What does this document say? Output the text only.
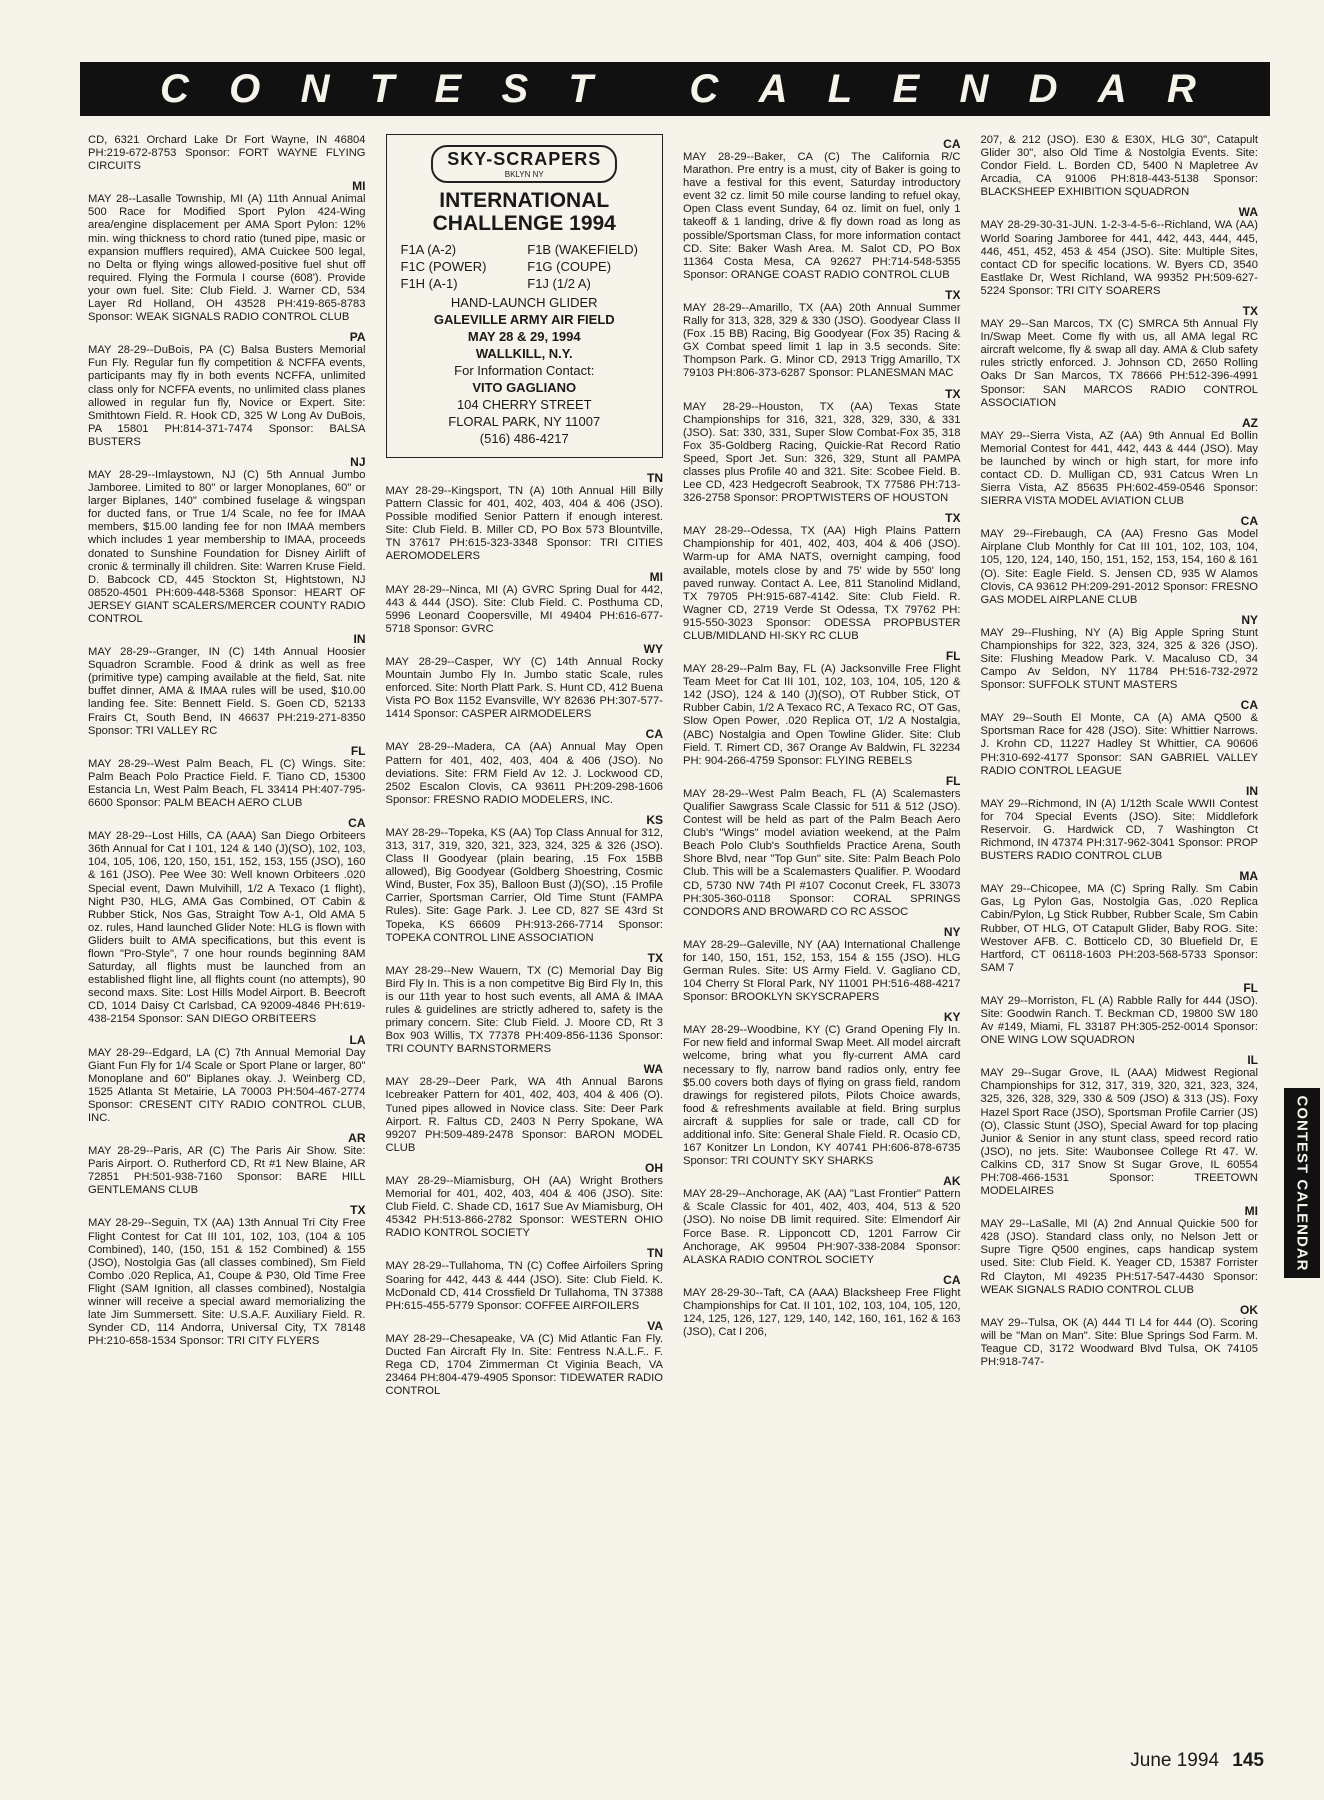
C O N T E S T C A L E N D A R
CD, 6321 Orchard Lake Dr Fort Wayne, IN 46804 PH:219-672-8753 Sponsor: FORT WAYNE FLYING CIRCUITS
MI
MAY 28--Lasalle Township, MI (A) 11th Annual Animal 500 Race for Modified Sport Pylon 424-Wing area/engine displacement per AMA Sport Pylon: 12% min. wing thickness to chord ratio (tuned pipe, masic or expansion mufflers required), AMA Cuickee 500 legal, no Delta or flying wings allowed-positive fuel shut off required. Flying the Formula I course (608'). Provide your own fuel. Site: Club Field. J. Warner CD, 534 Layer Rd Holland, OH 43528 PH:419-865-8783 Sponsor: WEAK SIGNALS RADIO CONTROL CLUB
PA
MAY 28-29--DuBois, PA (C) Balsa Busters Memorial Fun Fly. Regular fun fly competition & NCFFA events, participants may fly in both events NCFFA, unlimited class only for NCFFA events, no unlimited class planes allowed in regular fun fly, Novice or Expert. Site: Smithtown Field. R. Hook CD, 325 W Long Av DuBois, PA 15801 PH:814-371-7474 Sponsor: BALSA BUSTERS
NJ
MAY 28-29--Imlaystown, NJ (C) 5th Annual Jumbo Jamboree. Limited to 80" or larger Monoplanes, 60" or larger Biplanes, 140" combined fuselage & wingspan for ducted fans, or True 1/4 Scale, no fee for IMAA members, $15.00 landing fee for non IMAA members which includes 1 year membership to IMAA, proceeds donated to Sunshine Foundation for Disney Airlift of cronic & terminally ill children. Site: Warren Kruse Field. D. Babcock CD, 445 Stockton St, Hightstown, NJ 08520-4501 PH:609-448-5368 Sponsor: HEART OF JERSEY GIANT SCALERS/MERCER COUNTY RADIO CONTROL
IN
MAY 28-29--Granger, IN (C) 14th Annual Hoosier Squadron Scramble. Food & drink as well as free (primitive type) camping available at the field, Sat. nite buffet dinner, AMA & IMAA rules will be used, $10.00 landing fee. Site: Bennett Field. S. Goen CD, 52133 Frairs Ct, South Bend, IN 46637 PH:219-271-8350 Sponsor: TRI VALLEY RC
FL
MAY 28-29--West Palm Beach, FL (C) Wings. Site: Palm Beach Polo Practice Field. F. Tiano CD, 15300 Estancia Ln, West Palm Beach, FL 33414 PH:407-795-6600 Sponsor: PALM BEACH AERO CLUB
CA
MAY 28-29--Lost Hills, CA (AAA) San Diego Orbiteers 36th Annual for Cat I 101, 124 & 140 (J)(SO), 102, 103, 104, 105, 106, 120, 150, 151, 152, 153, 155 (JSO), 160 & 161 (JSO). Pee Wee 30: Well known Orbiteers .020 Special event, Dawn Mulvihill, 1/2 A Texaco (1 flight), Night P30, HLG, AMA Gas Combined, OT Cabin & Rubber Stick, Nos Gas, Straight Tow A-1, Old AMA 5 oz. rules, Hand launched Glider Note: HLG is flown with Gliders built to AMA specifications, but this event is flown "Pro-Style", 7 one hour rounds beginning 8AM Saturday, all flights must be launched from an established flight line, all flights count (no attempts), 90 second maxs. Site: Lost Hills Model Airport. B. Beecroft CD, 1014 Daisy Ct Carlsbad, CA 92009-4846 PH:619-438-2154 Sponsor: SAN DIEGO ORBITEERS
LA
MAY 28-29--Edgard, LA (C) 7th Annual Memorial Day Giant Fun Fly for 1/4 Scale or Sport Plane or larger, 80" Monoplane and 60" Biplanes okay. J. Weinberg CD, 1525 Atlanta St Metairie, LA 70003 PH:504-467-2774 Sponsor: CRESENT CITY RADIO CONTROL CLUB, INC.
AR
MAY 28-29--Paris, AR (C) The Paris Air Show. Site: Paris Airport. O. Rutherford CD, Rt #1 New Blaine, AR 72851 PH:501-938-7160 Sponsor: BARE HILL GENTLEMANS CLUB
TX
MAY 28-29--Seguin, TX (AA) 13th Annual Tri City Free Flight Contest for Cat III 101, 102, 103, (104 & 105 Combined), 140, (150, 151 & 152 Combined) & 155 (JSO), Nostolgia Gas (all classes combined), Sm Field Combo .020 Replica, A1, Coupe & P30, Old Time Free Flight (SAM Ignition, all classes combined), Nostalgia winner will receive a special award memorializing the late Jim Summersett. Site: U.S.A.F. Auxiliary Field. R. Synder CD, 114 Andorra, Universal City, TX 78148 PH:210-658-1534 Sponsor: TRI CITY FLYERS
SKY-SCRAPERS
BKLYN NY
INTERNATIONAL
CHALLENGE 1994
F1A (A-2)	F1B (WAKEFIELD)
F1C (POWER)	F1G (COUPE)
F1H (A-1)	F1J (1/2 A)
HAND-LAUNCH GLIDER
GALEVILLE ARMY AIR FIELD
MAY 28 & 29, 1994
WALLKILL, N.Y.
For Information Contact:
VITO GAGLIANO
104 CHERRY STREET
FLORAL PARK, NY 11007
(516) 486-4217
TN
MAY 28-29--Kingsport, TN (A) 10th Annual Hill Billy Pattern Classic for 401, 402, 403, 404 & 406 (JSO). Possible modified Senior Pattern if enough interest. Site: Club Field. B. Miller CD, PO Box 573 Blountville, TN 37617 PH:615-323-3348 Sponsor: TRI CITIES AEROMODELERS
MI
MAY 28-29--Ninca, MI (A) GVRC Spring Dual for 442, 443 & 444 (JSO). Site: Club Field. C. Posthuma CD, 5996 Leonard Coopersville, MI 49404 PH:616-677-5718 Sponsor: GVRC
WY
MAY 28-29--Casper, WY (C) 14th Annual Rocky Mountain Jumbo Fly In. Jumbo static Scale, rules enforced. Site: North Platt Park. S. Hunt CD, 412 Buena Vista PO Box 1152 Evansville, WY 82636 PH:307-577-1414 Sponsor: CASPER AIRMODELERS
CA
MAY 28-29--Madera, CA (AA) Annual May Open Pattern for 401, 402, 403, 404 & 406 (JSO). No deviations. Site: FRM Field Av 12. J. Lockwood CD, 2502 Escalon Clovis, CA 93611 PH:209-298-1606 Sponsor: FRESNO RADIO MODELERS, INC.
KS
MAY 28-29--Topeka, KS (AA) Top Class Annual for 312, 313, 317, 319, 320, 321, 323, 324, 325 & 326 (JSO). Class II Goodyear (plain bearing, .15 Fox 15BB allowed), Big Goodyear (Goldberg Shoestring, Cosmic Wind, Buster, Fox 35), Balloon Bust (J)(SO), .15 Profile Carrier, Sportsman Carrier, Old Time Stunt (FAMPA Rules). Site: Gage Park. J. Lee CD, 827 SE 43rd St Topeka, KS 66609 PH:913-266-7714 Sponsor: TOPEKA CONTROL LINE ASSOCIATION
TX
MAY 28-29--New Wauern, TX (C) Memorial Day Big Bird Fly In. This is a non competitve Big Bird Fly In, this is our 11th year to host such events, all AMA & IMAA rules & guidelines are strictly adhered to, safety is the primary concern. Site: Club Field. J. Moore CD, Rt 3 Box 903 Willis, TX 77378 PH:409-856-1136 Sponsor: TRI COUNTY BARNSTORMERS
WA
MAY 28-29--Deer Park, WA 4th Annual Barons Icebreaker Pattern for 401, 402, 403, 404 & 406 (O). Tuned pipes allowed in Novice class. Site: Deer Park Airport. R. Faltus CD, 2403 N Perry Spokane, WA 99207 PH:509-489-2478 Sponsor: BARON MODEL CLUB
OH
MAY 28-29--Miamisburg, OH (AA) Wright Brothers Memorial for 401, 402, 403, 404 & 406 (JSO). Site: Club Field. C. Shade CD, 1617 Sue Av Miamisburg, OH 45342 PH:513-866-2782 Sponsor: WESTERN OHIO RADIO KONTROL SOCIETY
TN
MAY 28-29--Tullahoma, TN (C) Coffee Airfoilers Spring Soaring for 442, 443 & 444 (JSO). Site: Club Field. K. McDonald CD, 414 Crossfield Dr Tullahoma, TN 37388 PH:615-455-5779 Sponsor: COFFEE AIRFOILERS
VA
MAY 28-29--Chesapeake, VA (C) Mid Atlantic Fan Fly. Ducted Fan Aircraft Fly In. Site: Fentress N.A.L.F.. F. Rega CD, 1704 Zimmerman Ct Viginia Beach, VA 23464 PH:804-479-4905 Sponsor: TIDEWATER RADIO CONTROL
CA
MAY 28-29--Baker, CA (C) The California R/C Marathon. Pre entry is a must, city of Baker is going to have a festival for this event, Saturday introductory event 32 cz. limit 50 mile course landing to refuel okay, Open Class event Sunday, 64 oz. limit on fuel, only 1 takeoff & 1 landing, drive & fly down road as long as possible/Sportsman Class, for more information contact CD. Site: Baker Wash Area. M. Salot CD, PO Box 11364 Costa Mesa, CA 92627 PH:714-548-5355 Sponsor: ORANGE COAST RADIO CONTROL CLUB
TX
MAY 28-29--Amarillo, TX (AA) 20th Annual Summer Rally for 313, 328, 329 & 330 (JSO). Goodyear Class II (Fox .15 BB) Racing, Big Goodyear (Fox 35) Racing & GX Combat speed limit 1 lap in 3.5 seconds. Site: Thompson Park. G. Minor CD, 2913 Trigg Amarillo, TX 79103 PH:806-373-6287 Sponsor: PLANESMAN MAC
TX
MAY 28-29--Houston, TX (AA) Texas State Championships for 316, 321, 328, 329, 330, & 331 (JSO). Sat: 330, 331, Super Slow Combat-Fox 35, 318 Fox 35-Goldberg Racing, Quickie-Rat Record Ratio Speed, Sport Jet. Sun: 326, 329, Stunt all PAMPA classes plus Profile 40 and 321. Site: Scobee Field. B. Lee CD, 423 Hedgecroft Seabrook, TX 77586 PH:713-326-2758 Sponsor: PROPTWISTERS OF HOUSTON
TX
MAY 28-29--Odessa, TX (AA) High Plains Pattern Championship for 401, 402, 403, 404 & 406 (JSO). Warm-up for AMA NATS, overnight camping, food available, motels close by and 75' wide by 550' long paved runway. Contact A. Lee, 811 Stanolind Midland, TX 79705 PH:915-687-4142. Site: Club Field. R. Wagner CD, 2719 Verde St Odessa, TX 79762 PH: 915-550-3023 Sponsor: ODESSA PROPBUSTER CLUB/MIDLAND HI-SKY RC CLUB
FL
MAY 28-29--Palm Bay, FL (A) Jacksonville Free Flight Team Meet for Cat III 101, 102, 103, 104, 105, 120 & 142 (JSO), 124 & 140 (J)(SO), OT Rubber Stick, OT Rubber Cabin, 1/2 A Texaco RC, A Texaco RC, OT Gas, Slow Open Power, .020 Replica OT, 1/2 A Nostalgia, (ABC) Nostalgia and Open Towline Glider. Site: Club Field. T. Rimert CD, 367 Orange Av Baldwin, FL 32234 PH: 904-266-4759 Sponsor: FLYING REBELS
FL
MAY 28-29--West Palm Beach, FL (A) Scalemasters Qualifier Sawgrass Scale Classic for 511 & 512 (JSO). Contest will be held as part of the Palm Beach Aero Club's "Wings" model aviation weekend, at the Palm Beach Polo Club's Southfields Practice Arena, South Shore Blvd, near "Top Gun" site. Site: Palm Beach Polo Club. This will be a Scalemasters Qualifier. P. Woodard CD, 5730 NW 74th Pl #107 Coconut Creek, FL 33073 PH:305-360-0118 Sponsor: CORAL SPRINGS CONDORS AND BROWARD CO RC ASSOC
NY
MAY 28-29--Galeville, NY (AA) International Challenge for 140, 150, 151, 152, 153, 154 & 155 (JSO). HLG German Rules. Site: US Army Field. V. Gagliano CD, 104 Cherry St Floral Park, NY 11001 PH:516-488-4217 Sponsor: BROOKLYN SKYSCRAPERS
KY
MAY 28-29--Woodbine, KY (C) Grand Opening Fly In. For new field and informal Swap Meet. All model aircraft welcome, bring what you fly-current AMA card necessary to fly, narrow band radios only, entry fee $5.00 covers both days of flying on grass field, random drawings for registered pilots, Pilots Choice awards, food & refreshments available at field. Bring surplus aircraft & supplies for sale or trade, call CD for additional info. Site: General Shale Field. R. Ocasio CD, 167 Konitzer Ln London, KY 40741 PH:606-878-6735 Sponsor: TRI COUNTY SKY SHARKS
AK
MAY 28-29--Anchorage, AK (AA) "Last Frontier" Pattern & Scale Classic for 401, 402, 403, 404, 513 & 520 (JSO). No noise DB limit required. Site: Elmendorf Air Force Base. R. Lipponcott CD, 1201 Farrow Cir Anchorage, AK 99504 PH:907-338-2084 Sponsor: ALASKA RADIO CONTROL SOCIETY
CA
MAY 28-29-30--Taft, CA (AAA) Blacksheep Free Flight Championships for Cat. II 101, 102, 103, 104, 105, 120, 124, 125, 126, 127, 129, 140, 142, 160, 161, 162 & 163 (JSO), Cat I 206,
207, & 212 (JSO). E30 & E30X, HLG 30", Catapult Glider 30", also Old Time & Nostolgia Events. Site: Condor Field. L. Borden CD, 5400 N Mapletree Av Arcadia, CA 91006 PH:818-443-5138 Sponsor: BLACKSHEEP EXHIBITION SQUADRON
WA
MAY 28-29-30-31-JUN. 1-2-3-4-5-6--Richland, WA (AA) World Soaring Jamboree for 441, 442, 443, 444, 445, 446, 451, 452, 453 & 454 (JSO). Site: Multiple Sites, contact CD for specific locations. W. Byers CD, 3540 Eastlake Dr, West Richland, WA 99352 PH:509-627-5224 Sponsor: TRI CITY SOARERS
TX
MAY 29--San Marcos, TX (C) SMRCA 5th Annual Fly In/Swap Meet. Come fly with us, all AMA legal RC aircraft welcome, fly & swap all day. AMA & Club safety rules strictly enforced. J. Johnson CD, 2650 Rolling Oaks Dr San Marcos, TX 78666 PH:512-396-4991 Sponsor: SAN MARCOS RADIO CONTROL ASSOCIATION
AZ
MAY 29--Sierra Vista, AZ (AA) 9th Annual Ed Bollin Memorial Contest for 441, 442, 443 & 444 (JSO). May be launched by winch or high start, for more info contact CD. D. Mulligan CD, 931 Catcus Wren Ln Sierra Vista, AZ 85635 PH:602-459-0546 Sponsor: SIERRA VISTA MODEL AVIATION CLUB
CA
MAY 29--Firebaugh, CA (AA) Fresno Gas Model Airplane Club Monthly for Cat III 101, 102, 103, 104, 105, 120, 124, 140, 150, 151, 152, 153, 154, 160 & 161 (O). Site: Eagle Field. S. Jensen CD, 935 W Alamos Clovis, CA 93612 PH:209-291-2012 Sponsor: FRESNO GAS MODEL AIRPLANE CLUB
NY
MAY 29--Flushing, NY (A) Big Apple Spring Stunt Championships for 322, 323, 324, 325 & 326 (JSO). Site: Flushing Meadow Park. V. Macaluso CD, 34 Campo Av Seldon, NY 11784 PH:516-732-2972 Sponsor: SUFFOLK STUNT MASTERS
CA
MAY 29--South El Monte, CA (A) AMA Q500 & Sportsman Race for 428 (JSO). Site: Whittier Narrows. J. Krohn CD, 11227 Hadley St Whittier, CA 90606 PH:310-692-4177 Sponsor: SAN GABRIEL VALLEY RADIO CONTROL LEAGUE
IN
MAY 29--Richmond, IN (A) 1/12th Scale WWII Contest for 704 Special Events (JSO). Site: Middlefork Reservoir. G. Hardwick CD, 7 Washington Ct Richmond, IN 47374 PH:317-962-3041 Sponsor: PROP BUSTERS RADIO CONTROL CLUB
MA
MAY 29--Chicopee, MA (C) Spring Rally. Sm Cabin Gas, Lg Pylon Gas, Nostolgia Gas, .020 Replica Cabin/Pylon, Lg Stick Rubber, Rubber Scale, Sm Cabin Rubber, OT HLG, OT Catapult Glider, Baby ROG. Site: Westover AFB. C. Botticelo CD, 30 Bluefield Dr, E Hartford, CT 06118-1603 PH:203-568-5733 Sponsor: SAM 7
FL
MAY 29--Morriston, FL (A) Rabble Rally for 444 (JSO). Site: Goodwin Ranch. T. Beckman CD, 19800 SW 180 Av #149, Miami, FL 33187 PH:305-252-0014 Sponsor: ONE WING LOW SQUADRON
IL
MAY 29--Sugar Grove, IL (AAA) Midwest Regional Championships for 312, 317, 319, 320, 321, 323, 324, 325, 326, 328, 329, 330 & 509 (JSO) & 313 (JS). Foxy Hazel Sport Race (JSO), Sportsman Profile Carrier (JS)(O), Classic Stunt (JSO), Special Award for top placing Junior & Senior in any stunt class, speed record ratio (JSO), no jets. Site: Waubonsee College Rt 47. W. Calkins CD, 317 Snow St Sugar Grove, IL 60554 PH:708-466-1531 Sponsor: TREETOWN MODELAIRES
MI
MAY 29--LaSalle, MI (A) 2nd Annual Quickie 500 for 428 (JSO). Standard class only, no Nelson Jett or Supre Tigre Q500 engines, caps handicap system used. Site: Club Field. K. Yeager CD, 15387 Forrister Rd Clayton, MI 49235 PH:517-547-4430 Sponsor: WEAK SIGNALS RADIO CONTROL CLUB
OK
MAY 29--Tulsa, OK (A) 444 TI L4 for 444 (O). Scoring will be "Man on Man". Site: Blue Springs Sod Farm. M. Teague CD, 3172 Woodward Blvd Tulsa, OK 74105 PH:918-747-
CONTEST CALENDAR
June 1994 145
